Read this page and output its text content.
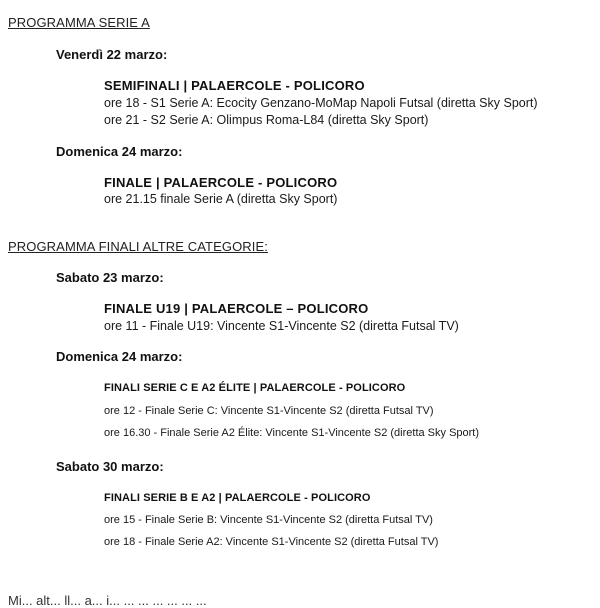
PROGRAMMA SERIE A
Venerdì 22 marzo:
SEMIFINALI | PALAERCOLE - POLICORO
ore 18 - S1 Serie A: Ecocity Genzano-MoMap Napoli Futsal (diretta Sky Sport)
ore 21 - S2 Serie A: Olimpus Roma-L84 (diretta Sky Sport)
Domenica 24 marzo:
FINALE | PALAERCOLE - POLICORO
ore 21.15 finale Serie A (diretta Sky Sport)
PROGRAMMA FINALI ALTRE CATEGORIE:
Sabato 23 marzo:
FINALE U19 | PALAERCOLE – POLICORO
ore 11 - Finale U19: Vincente S1-Vincente S2 (diretta Futsal TV)
Domenica 24 marzo:
FINALI SERIE C E A2 ÉLITE | PALAERCOLE - POLICORO
ore 12 - Finale Serie C: Vincente S1-Vincente S2 (diretta Futsal TV)
ore 16.30 - Finale Serie A2 Élite: Vincente S1-Vincente S2 (diretta Sky Sport)
Sabato 30 marzo:
FINALI SERIE B E A2 | PALAERCOLE - POLICORO
ore 15 - Finale Serie B: Vincente S1-Vincente S2 (diretta Futsal TV)
ore 18 - Finale Serie A2: Vincente S1-Vincente S2 (diretta Futsal TV)
Mi... alt... ll... a... i... ... ... ... ... ... ...
